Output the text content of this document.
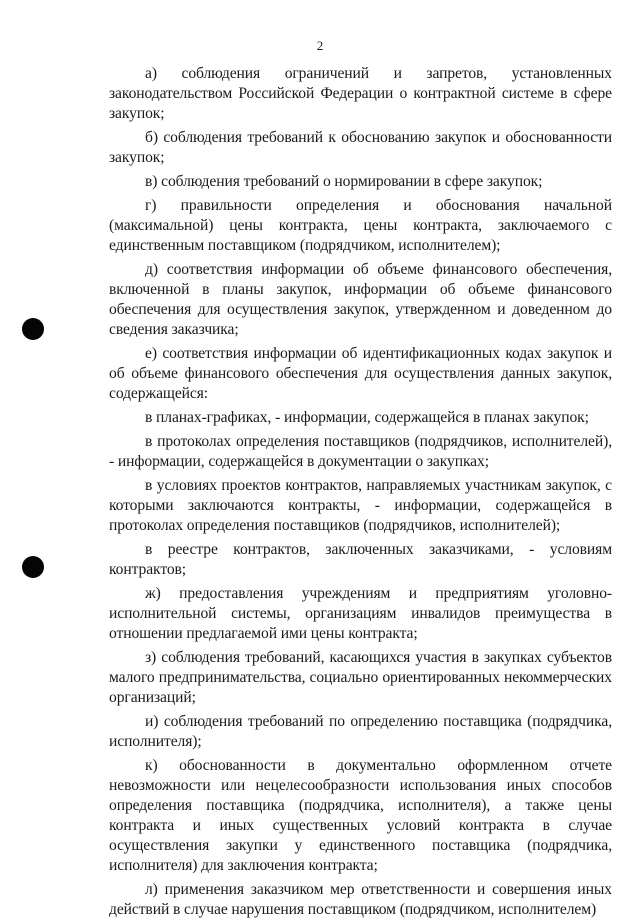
2

а) соблюдения ограничений и запретов, установленных законодательством Российской Федерации о контрактной системе в сфере закупок;

б) соблюдения требований к обоснованию закупок и обоснованности закупок;

в) соблюдения требований о нормировании в сфере закупок;

г) правильности определения и обоснования начальной (максимальной) цены контракта, цены контракта, заключаемого с единственным поставщиком (подрядчиком, исполнителем);

д) соответствия информации об объеме финансового обеспечения, включенной в планы закупок, информации об объеме финансового обеспечения для осуществления закупок, утвержденном и доведенном до сведения заказчика;

е) соответствия информации об идентификационных кодах закупок и об объеме финансового обеспечения для осуществления данных закупок, содержащейся:

в планах-графиках, - информации, содержащейся в планах закупок;

в протоколах определения поставщиков (подрядчиков, исполнителей), - информации, содержащейся в документации о закупках;

в условиях проектов контрактов, направляемых участникам закупок, с которыми заключаются контракты, - информации, содержащейся в протоколах определения поставщиков (подрядчиков, исполнителей);

в реестре контрактов, заключенных заказчиками, - условиям контрактов;

ж) предоставления учреждениям и предприятиям уголовно-исполнительной системы, организациям инвалидов преимущества в отношении предлагаемой ими цены контракта;

з) соблюдения требований, касающихся участия в закупках субъектов малого предпринимательства, социально ориентированных некоммерческих организаций;

и) соблюдения требований по определению поставщика (подрядчика, исполнителя);

к) обоснованности в документально оформленном отчете невозможности или нецелесообразности использования иных способов определения поставщика (подрядчика, исполнителя), а также цены контракта и иных существенных условий контракта в случае осуществления закупки у единственного поставщика (подрядчика, исполнителя) для заключения контракта;

л) применения заказчиком мер ответственности и совершения иных действий в случае нарушения поставщиком (подрядчиком, исполнителем)
